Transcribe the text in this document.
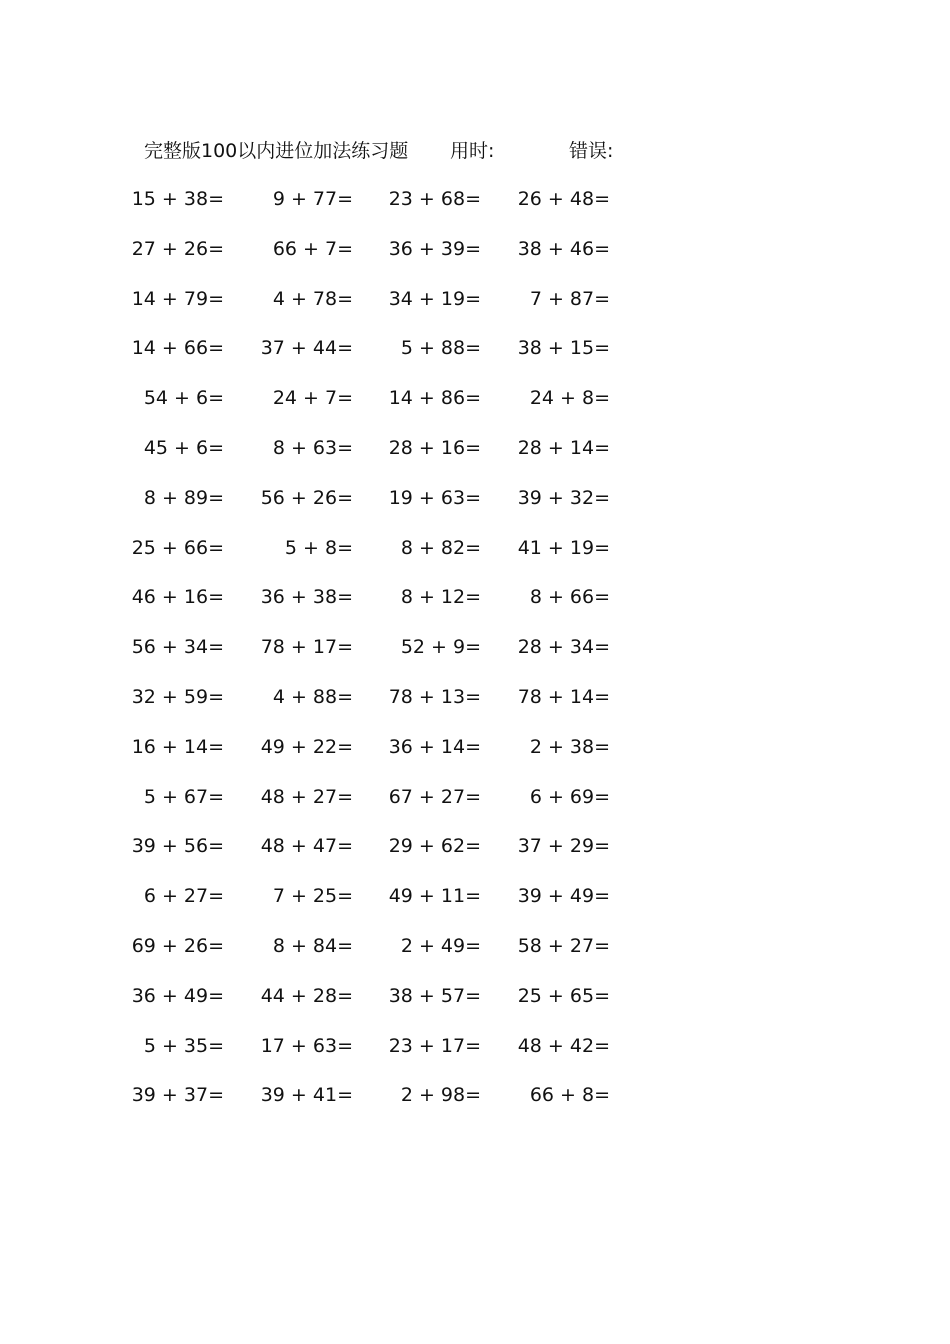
完整版100以内进位加法练习题 用时:	错误:
15 + 38=	9 + 77= 23 + 68= 26 + 48=
27 + 26=	66 + 7= 36 + 39= 38 + 46=
14 + 79=	4 + 78= 34 + 19=	7 + 87=
14 + 66= 37 + 44=	5 + 88= 38 + 15=
54 + 6=	24 + 7= 14 + 86=	24 + 8=
45 + 6=	8 + 63= 28 + 16= 28 + 14=
8 + 89= 56 + 26= 19 + 63= 39 + 32=
25 + 66=	5 + 8=	8 + 82= 41 + 19=
46 + 16= 36 + 38=	8 + 12=	8 + 66=
56 + 34= 78 + 17=	52 + 9= 28 + 34=
32 + 59=	4 + 88= 78 + 13= 78 + 14=
16 + 14= 49 + 22= 36 + 14=	2 + 38=
5 + 67= 48 + 27= 67 + 27=	6 + 69=
39 + 56= 48 + 47= 29 + 62= 37 + 29=
6 + 27=	7 + 25= 49 + 11= 39 + 49=
69 + 26=	8 + 84=	2 + 49= 58 + 27=
36 + 49= 44 + 28= 38 + 57= 25 + 65=
5 + 35= 17 + 63= 23 + 17= 48 + 42=
39 + 37= 39 + 41=	2 + 98=	66 + 8=
